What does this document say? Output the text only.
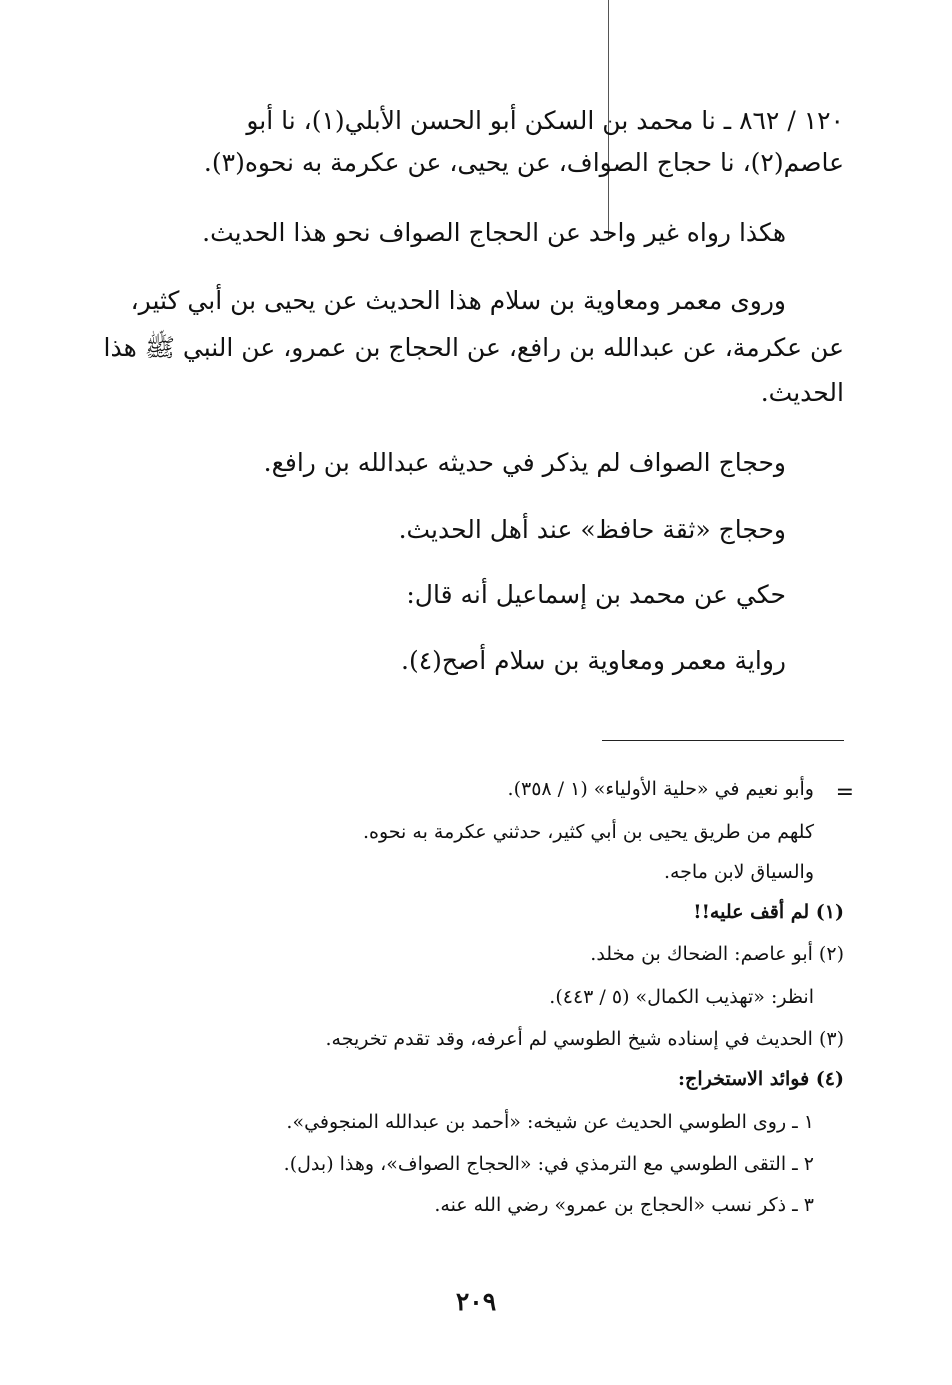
١٢٠ / ٨٦٢ ـ نا محمد بن السكن أبو الحسن الأبلي(١)، نا أبو
عاصم(٢)، نا حجاج الصواف، عن يحيى، عن عكرمة به نحوه(٣).
هكذا رواه غير واحد عن الحجاج الصواف نحو هذا الحديث.
وروى معمر ومعاوية بن سلام هذا الحديث عن يحيى بن أبي كثير،
عن عكرمة، عن عبدالله بن رافع، عن الحجاج بن عمرو، عن النبي ﷺ هذا
الحديث.
وحجاج الصواف لم يذكر في حديثه عبدالله بن رافع.
وحجاج «ثقة حافظ» عند أهل الحديث.
حكي عن محمد بن إسماعيل أنه قال:
رواية معمر ومعاوية بن سلام أصح(٤).
=
وأبو نعيم في «حلية الأولياء» (١ / ٣٥٨).
كلهم من طريق يحيى بن أبي كثير، حدثني عكرمة به نحوه.
والسياق لابن ماجه.
(١) لم أقف عليه!!
(٢) أبو عاصم: الضحاك بن مخلد.
انظر: «تهذيب الكمال» (٥ / ٤٤٣).
(٣) الحديث في إسناده شيخ الطوسي لم أعرفه، وقد تقدم تخريجه.
(٤) فوائد الاستخراج:
١ ـ روى الطوسي الحديث عن شيخه: «أحمد بن عبدالله المنجوفي».
٢ ـ التقى الطوسي مع الترمذي في: «الحجاج الصواف»، وهذا (بدل).
٣ ـ ذكر نسب «الحجاج بن عمرو» رضي الله عنه.
٢٠٩
